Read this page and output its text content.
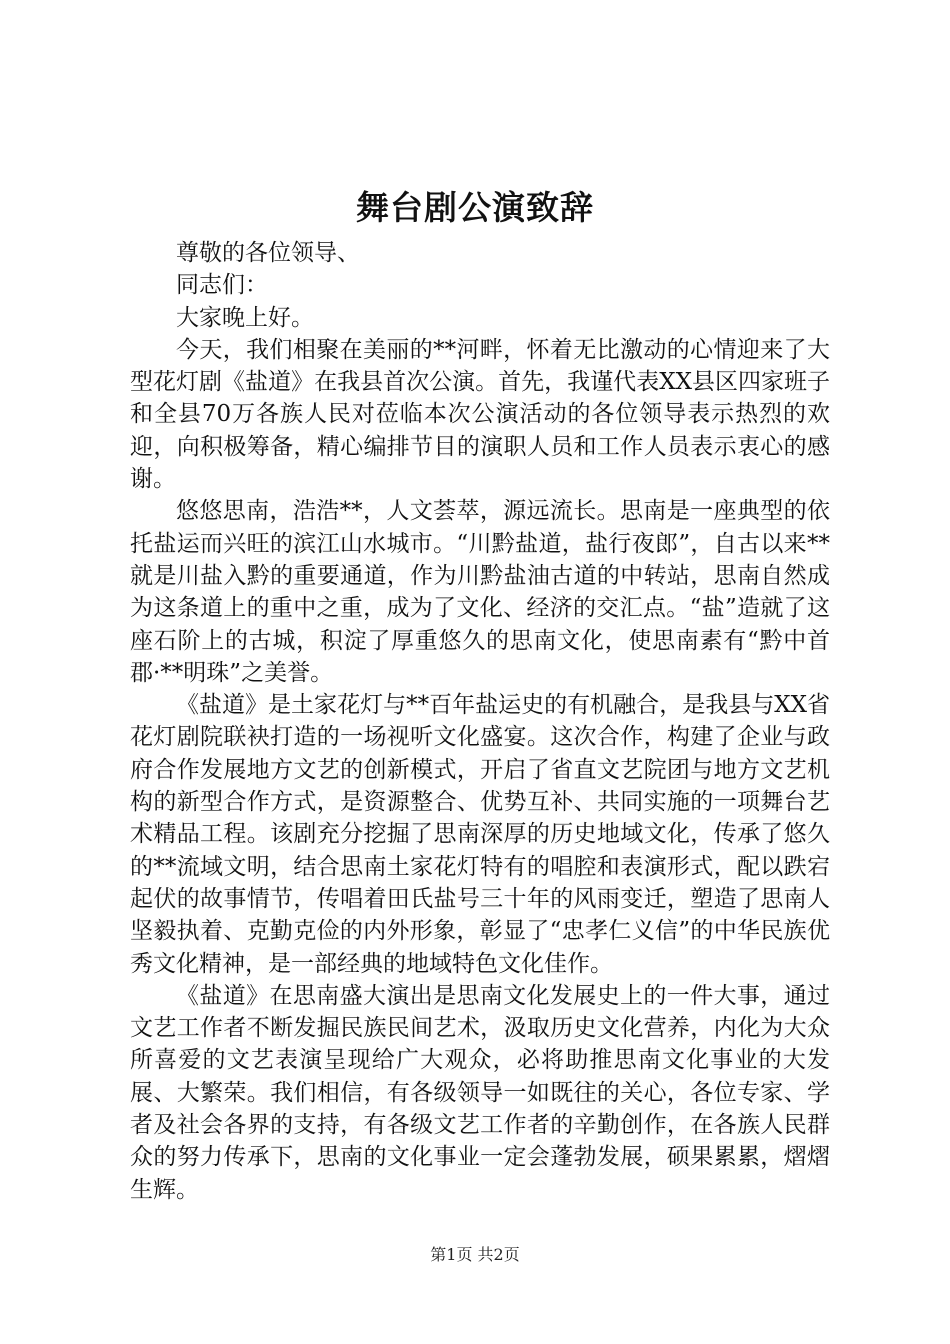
舞台剧公演致辞

尊敬的各位领导、

同志们：

大家晚上好。

今天，我们相聚在美丽的**河畔，怀着无比激动的心情迎来了大型花灯剧《盐道》在我县首次公演。首先，我谨代表XX县区四家班子和全县70万各族人民对莅临本次公演活动的各位领导表示热烈的欢迎，向积极筹备，精心编排节目的演职人员和工作人员表示衷心的感谢。

悠悠思南，浩浩**，人文荟萃，源远流长。思南是一座典型的依托盐运而兴旺的滨江山水城市。“川黔盐道，盐行夜郎”，自古以来**就是川盐入黔的重要通道，作为川黔盐油古道的中转站，思南自然成为这条道上的重中之重，成为了文化、经济的交汇点。“盐”造就了这座石阶上的古城，积淀了厚重悠久的思南文化，使思南素有“黔中首郡·**明珠”之美誉。

《盐道》是土家花灯与**百年盐运史的有机融合，是我县与XX省花灯剧院联袂打造的一场视听文化盛宴。这次合作，构建了企业与政府合作发展地方文艺的创新模式，开启了省直文艺院团与地方文艺机构的新型合作方式，是资源整合、优势互补、共同实施的一项舞台艺术精品工程。该剧充分挖掘了思南深厚的历史地域文化，传承了悠久的**流域文明，结合思南土家花灯特有的唱腔和表演形式，配以跌宕起伏的故事情节，传唱着田氏盐号三十年的风雨变迁，塑造了思南人坚毅执着、克勤克俭的内外形象，彰显了“忠孝仁义信”的中华民族优秀文化精神，是一部经典的地域特色文化佳作。

《盐道》在思南盛大演出是思南文化发展史上的一件大事，通过文艺工作者不断发掘民族民间艺术，汲取历史文化营养，内化为大众所喜爱的文艺表演呈现给广大观众，必将助推思南文化事业的大发展、大繁荣。我们相信，有各级领导一如既往的关心，各位专家、学者及社会各界的支持，有各级文艺工作者的辛勤创作，在各族人民群众的努力传承下，思南的文化事业一定会蓬勃发展，硕果累累，熠熠生辉。

第1页 共2页
